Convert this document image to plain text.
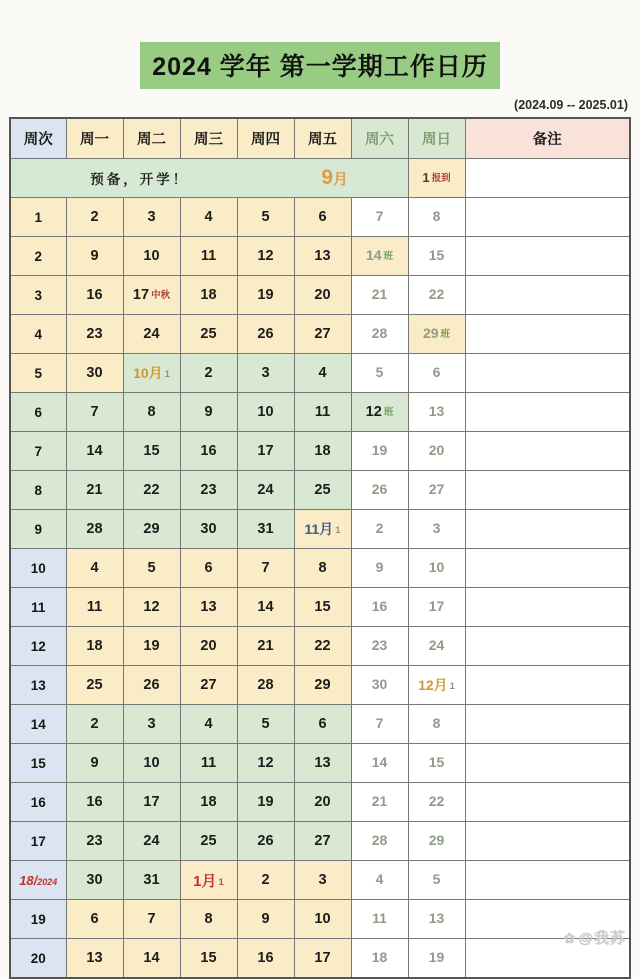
2024 学年 第一学期工作日历
(2024.09 -- 2025.01)
周次	周一	周二	周三	周四	周五	周六	周日	备注

预备，开学！ 9月							1 报到	
1	2	3	4	5	6	7	8	
2	9	10	11	12	13	14 班	15	
3	16	17 中秋	18	19	20	21	22	
4	23	24	25	26	27	28	29 班	
5	30	10月 1	2	3	4	5	6	
6	7	8	9	10	11	12 班	13	
7	14	15	16	17	18	19	20	
8	21	22	23	24	25	26	27	
9	28	29	30	31	11月 1	2	3	
10	4	5	6	7	8	9	10	
11	11	12	13	14	15	16	17	
12	18	19	20	21	22	23	24	
13	25	26	27	28	29	30	12月 1	
14	2	3	4	5	6	7	8	
15	9	10	11	12	13	14	15	
16	16	17	18	19	20	21	22	
17	23	24	25	26	27	28	29	
18/2024	30	31	1月 1	2	3	4	5	
19	6	7	8	9	10	11	13	
20	13	14	15	16	17	18	19	
✿ @我苏
